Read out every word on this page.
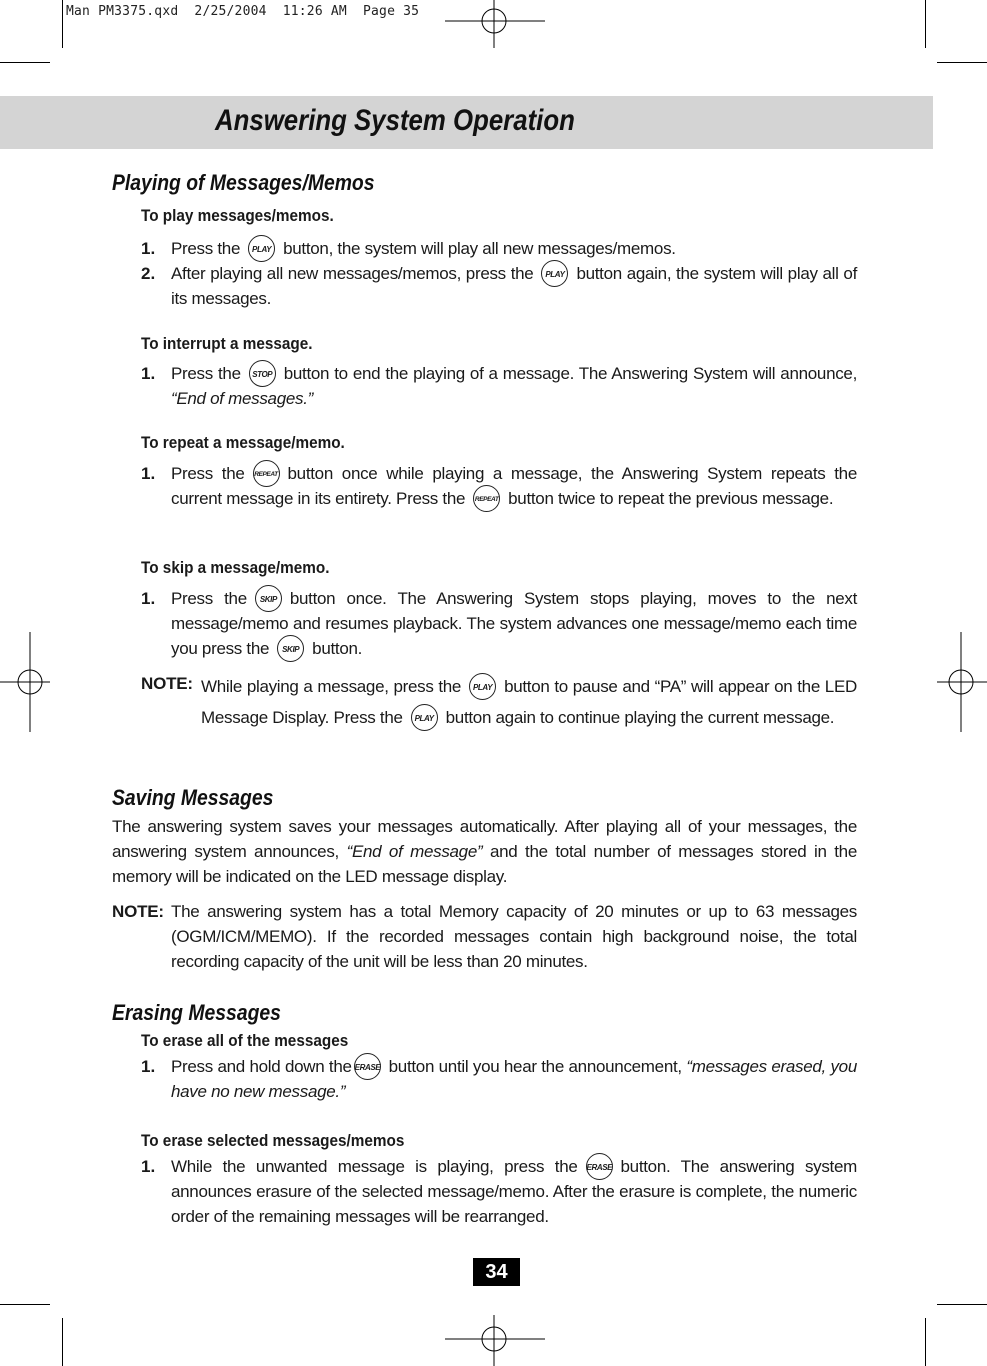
Man PM3375.qxd  2/25/2004  11:26 AM  Page 35
Answering System Operation
Playing of Messages/Memos
To play messages/memos.
1. Press the PLAY button, the system will play all new messages/memos.
2. After playing all new messages/memos, press the PLAY button again, the system will play all of its messages.
To interrupt a message.
1. Press the STOP button to end the playing of a message. The Answering System will announce, “End of messages.”
To repeat a message/memo.
1. Press the REPEAT button once while playing a message, the Answering System repeats the current message in its entirety. Press the REPEAT button twice to repeat the previous message.
To skip a message/memo.
1. Press the SKIP button once. The Answering System stops playing, moves to the next message/memo and resumes playback. The system advances one message/memo each time you press the SKIP button.
NOTE: While playing a message, press the PLAY button to pause and “PA” will appear on the LED Message Display. Press the PLAY button again to continue playing the current message.
Saving Messages
The answering system saves your messages automatically. After playing all of your messages, the answering system announces, “End of message” and the total number of messages stored in the memory will be indicated on the LED message display.
NOTE: The answering system has a total Memory capacity of 20 minutes or up to 63 messages (OGM/ICM/MEMO). If the recorded messages contain high background noise, the total recording capacity of the unit will be less than 20 minutes.
Erasing Messages
To erase all of the messages
1. Press and hold down the ERASE button until you hear the announcement, “messages erased, you have no new message.”
To erase selected messages/memos
1. While the unwanted message is playing, press the ERASE button. The answering system announces erasure of the selected message/memo. After the erasure is complete, the numeric order of the remaining messages will be rearranged.
34
